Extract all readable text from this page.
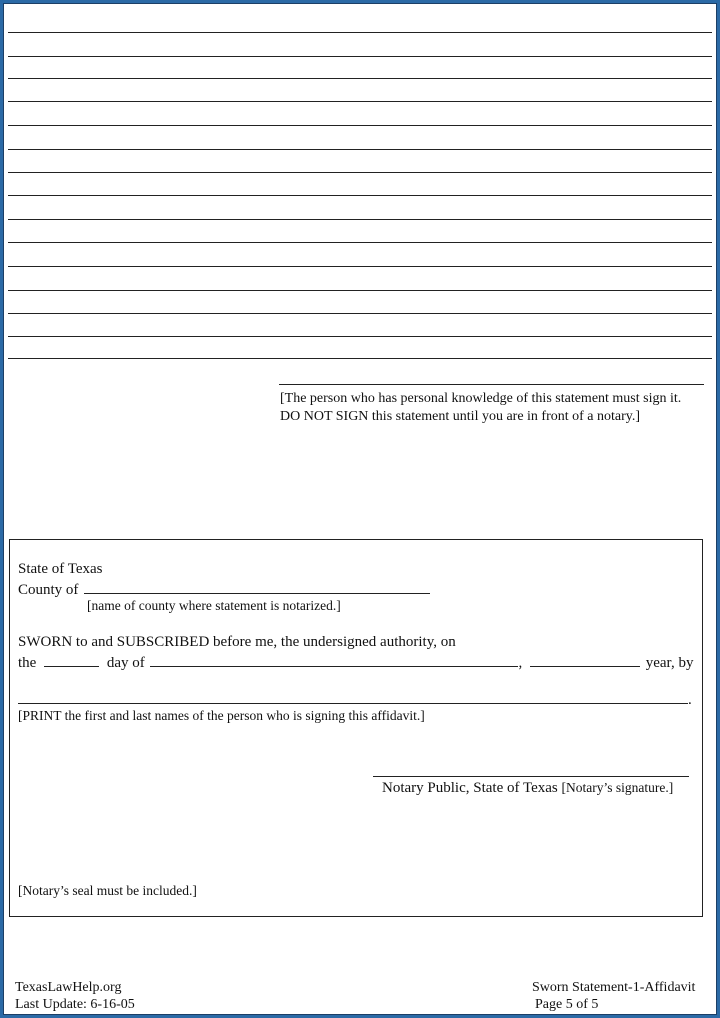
[The person who has personal knowledge of this statement must sign it.
DO NOT SIGN this statement until you are in front of a notary.]
State of Texas
County of
[name of county where statement is notarized.]
SWORN to and SUBSCRIBED before me, the undersigned authority, on
the	day of	,	year, by
.
[PRINT the first and last names of the person who is signing this affidavit.]
Notary Public, State of Texas [Notary’s signature.]
[Notary’s seal must be included.]
TexasLawHelp.org
Last Update: 6-16-05
Sworn Statement-1-Affidavit
Page 5 of 5
